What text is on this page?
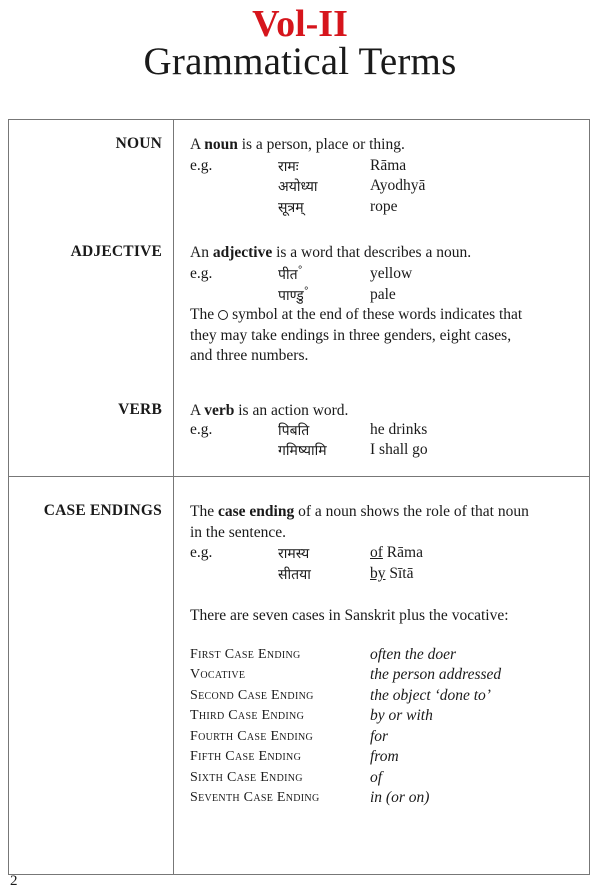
Vol-II
Grammatical Terms
NOUN A noun is a person, place or thing.
e.g.	रामः	Rāma
अयोध्या	Ayodhyā
सूत्रम्	rope
ADJECTIVE An adjective is a word that describes a noun.
e.g.	पीत°	yellow
पाण्डु°	pale
The symbol at the end of these words indicates that
they may take endings in three genders, eight cases,
and three numbers.
VERB A verb is an action word.
e.g.	पिबति	he drinks
गमिष्यामि	I shall go
CASE ENDINGS The case ending of a noun shows the role of that noun
in the sentence.
e.g.	रामस्य	of Rāma
सीतया	by Sītā
There are seven cases in Sanskrit plus the vocative:
First Case Ending	often the doer
Vocative	the person addressed
Second Case Ending	the object ‘done to’
Third Case Ending	by or with
Fourth Case Ending	for
Fifth Case Ending	from
Sixth Case Ending	of
Seventh Case Ending	in (or on)
2
